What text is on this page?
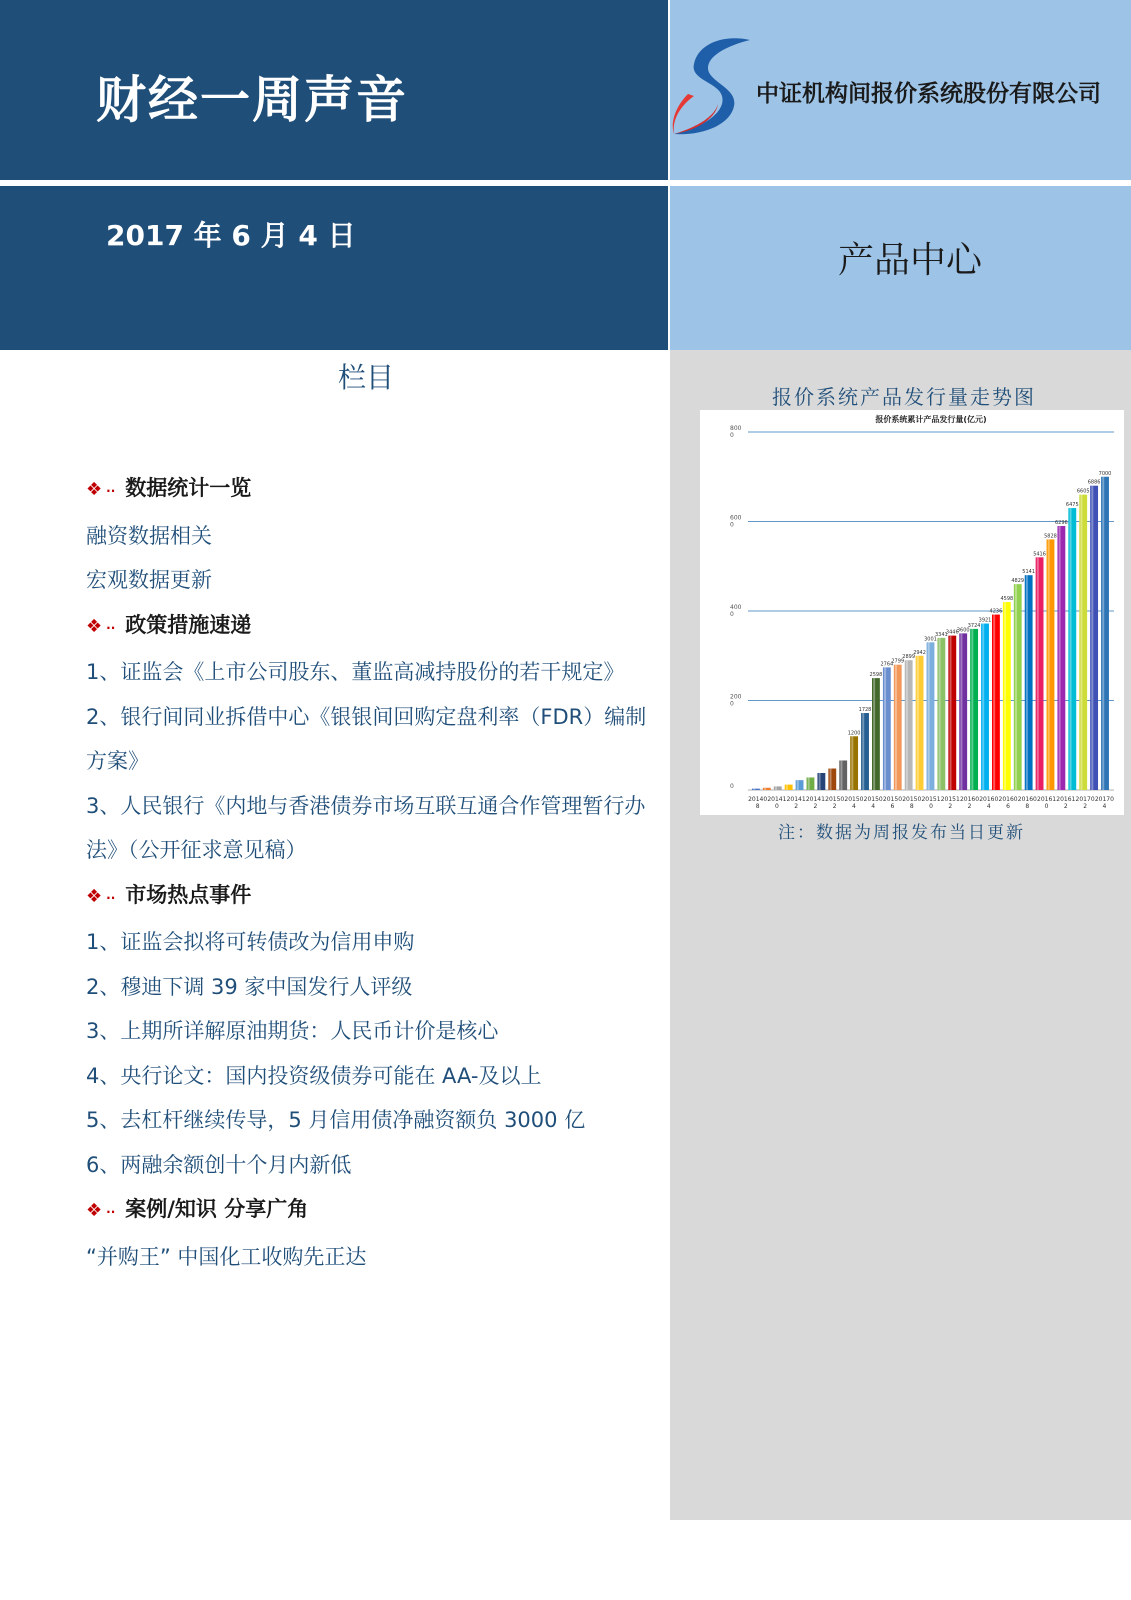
财经一周声音
2017 年 6 月 4 日
中证机构间报价系统股份有限公司
产品中心
栏目
❖ ·· 数据统计一览
融资数据相关
宏观数据更新
❖ ·· 政策措施速递
1、证监会《上市公司股东、董监高减持股份的若干规定》
2、银行间同业拆借中心《银银间回购定盘利率（FDR）编制方案》
3、人民银行《内地与香港债券市场互联互通合作管理暂行办法》（公开征求意见稿）
❖ ·· 市场热点事件
1、证监会拟将可转债改为信用申购
2、穆迪下调 39 家中国发行人评级
3、上期所详解原油期货：人民币计价是核心
4、央行论文：国内投资级债券可能在 AA-及以上
5、去杠杆继续传导，5 月信用债净融资额负 3000 亿
6、两融余额创十个月内新低
❖ ·· 案例/知识 分享广角
“并购王” 中国化工收购先正达
报价系统产品发行量走势图
报价系统累计产品发行量(亿元)
0
200 0
400 0
600 0
800 0
1200
1728
2598
2764
2799
2899
2942
3001
3341
3446
3600
3724
3921
4236
4598
4829
5141
5416
5828
6296
6475
6605
6886
7000
20140 8
20141 0
20141 2
20141 2
20150 2
20150 4
20150 4
20150 6
20150 8
20151 0
20151 2
20160 2
20160 4
20160 6
20160 8
20161 0
20161 2
20170 2
20170 4
注：数据为周报发布当日更新
